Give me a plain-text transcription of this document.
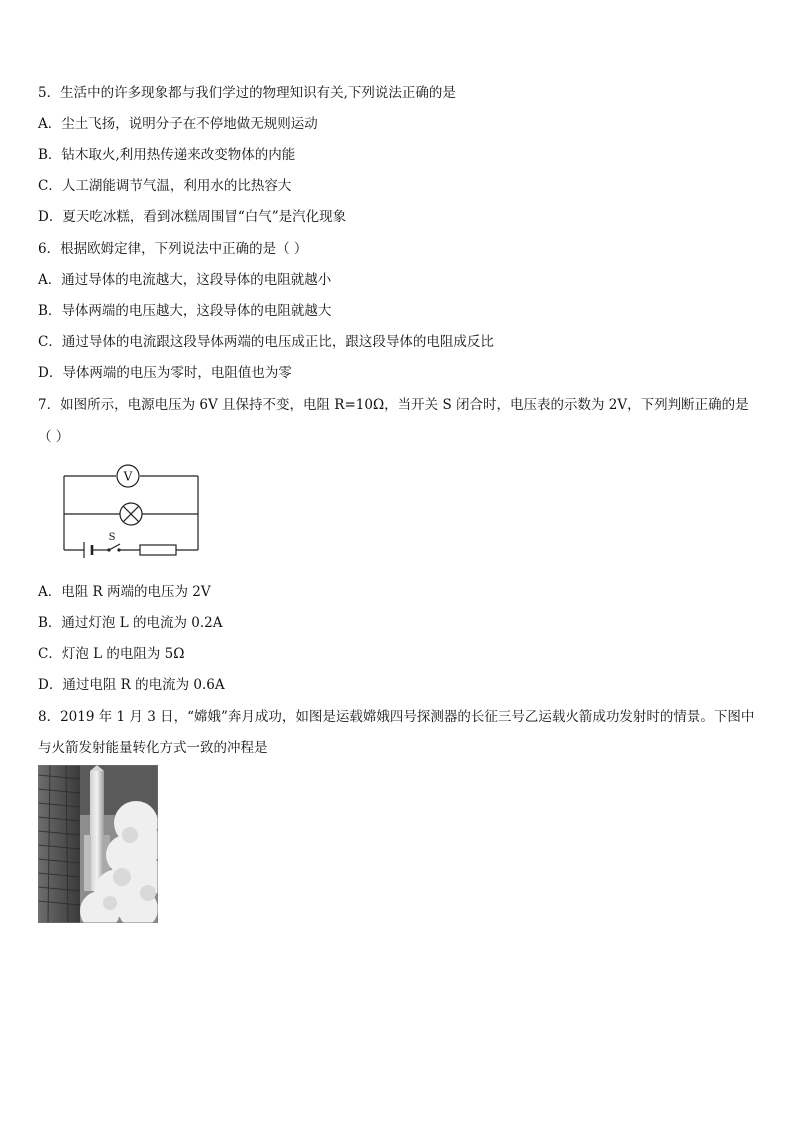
5．生活中的许多现象都与我们学过的物理知识有关,下列说法正确的是
A．尘土飞扬，说明分子在不停地做无规则运动
B．钻木取火,利用热传递来改变物体的内能
C．人工湖能调节气温，利用水的比热容大
D．夏天吃冰糕，看到冰糕周围冒“白气”是汽化现象
6．根据欧姆定律，下列说法中正确的是（ ）
A．通过导体的电流越大，这段导体的电阻就越小
B．导体两端的电压越大，这段导体的电阻就越大
C．通过导体的电流跟这段导体两端的电压成正比，跟这段导体的电阻成反比
D．导体两端的电压为零时，电阻值也为零
7．如图所示，电源电压为 6V 且保持不变，电阻 R=10Ω，当开关 S 闭合时，电压表的示数为 2V，下列判断正确的是
（ ）
V
S
A．电阻 R 两端的电压为 2V
B．通过灯泡 L 的电流为 0.2A
C．灯泡 L 的电阻为 5Ω
D．通过电阻 R 的电流为 0.6A
8．2019 年 1 月 3 日，“嫦娥”奔月成功，如图是运载嫦娥四号探测器的长征三号乙运载火箭成功发射时的情景。下图中
与火箭发射能量转化方式一致的冲程是
